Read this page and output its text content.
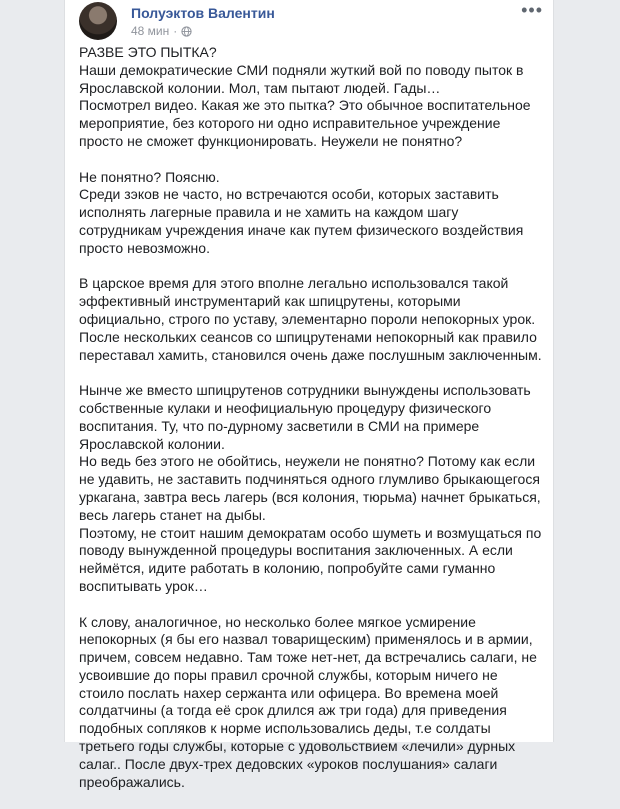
Полуэктов Валентин
48 мин ·
•••

РАЗВЕ ЭТО ПЫТКА?
Наши демократические СМИ подняли жуткий вой по поводу пыток в Ярославской колонии. Мол, там пытают людей. Гады…
Посмотрел видео. Какая же это пытка? Это обычное воспитательное мероприятие, без которого ни одно исправительное учреждение просто не сможет функционировать. Неужели не понятно?

Не понятно? Поясню.
Среди зэков не часто, но встречаются особи, которых заставить исполнять лагерные правила и не хамить на каждом шагу сотрудникам учреждения иначе как путем физического воздействия просто невозможно.

В царское время для этого вполне легально использовался такой эффективный инструментарий как шпицрутены, которыми официально, строго по уставу, элементарно пороли непокорных урок. После нескольких сеансов со шпицрутенами непокорный как правило переставал хамить, становился очень даже послушным заключенным.

Нынче же вместо шпицрутенов сотрудники вынуждены использовать собственные кулаки и неофициальную процедуру физического воспитания. Ту, что по-дурному засветили в СМИ на примере Ярославской колонии.
Но ведь без этого не обойтись, неужели не понятно? Потому как если не удавить, не заставить подчиняться одного глумливо брыкающегося уркагана, завтра весь лагерь (вся колония, тюрьма) начнет брыкаться, весь лагерь станет на дыбы.
Поэтому, не стоит нашим демократам особо шуметь и возмущаться по поводу вынужденной процедуры воспитания заключенных. А если неймётся, идите работать в колонию, попробуйте сами гуманно воспитывать урок…

К слову, аналогичное, но несколько более мягкое усмирение непокорных (я бы его назвал товарищеским) применялось и в армии, причем, совсем недавно. Там тоже нет-нет, да встречались салаги, не усвоившие до поры правил срочной службы, которым ничего не стоило послать нахер сержанта или офицера. Во времена моей солдатчины (а тогда её срок длился аж три года) для приведения подобных сопляков к норме использовались деды, т.е солдаты третьего годы службы, которые с удовольствием «лечили» дурных салаг.. После двух-трех дедовских «уроков послушания» салаги преображались.
